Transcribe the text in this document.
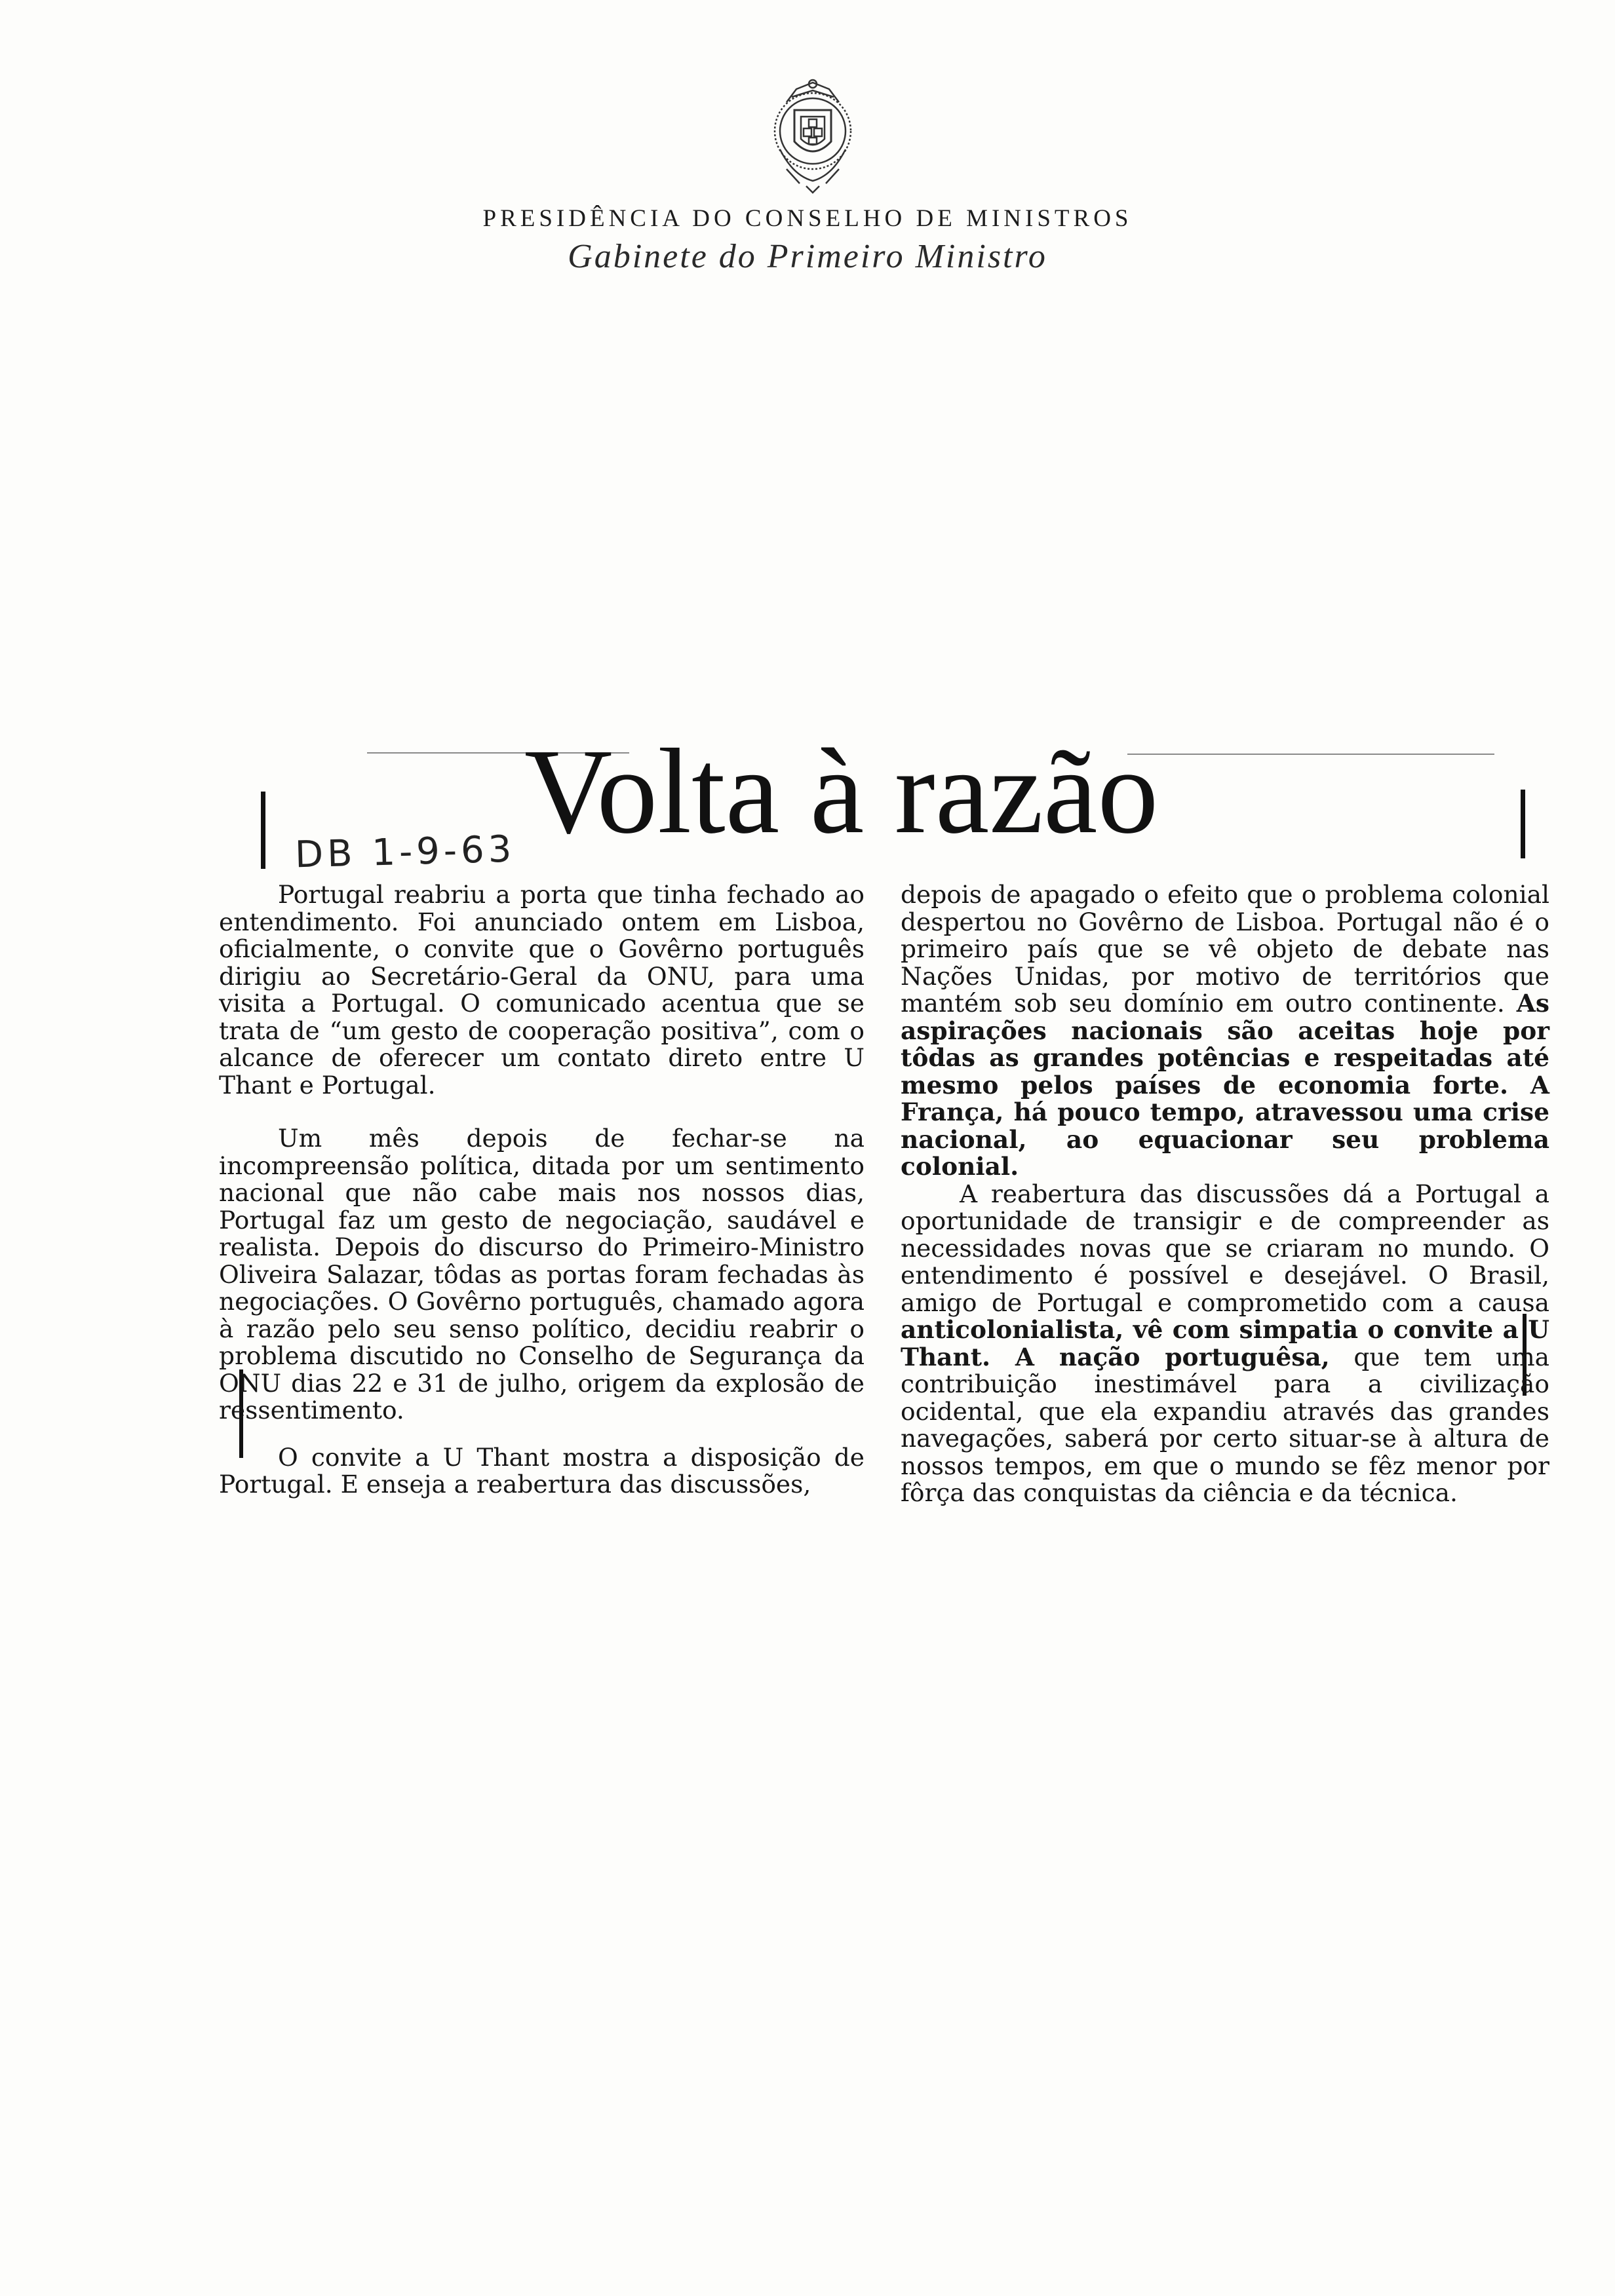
PRESIDÊNCIA DO CONSELHO DE MINISTROS
Gabinete do Primeiro Ministro
Volta à razão
DB 1-9-63

Portugal reabriu a porta que tinha fechado ao entendimento. Foi anunciado ontem em Lisboa, oficialmente, o convite que o Govêrno português dirigiu ao Secretário-Geral da ONU, para uma visita a Portugal. O comunicado acentua que se trata de “um gesto de cooperação positiva”, com o alcance de oferecer um contato direto entre U Thant e Portugal.

Um mês depois de fechar-se na incompreensão política, ditada por um sentimento nacional que não cabe mais nos nossos dias, Portugal faz um gesto de negociação, saudável e realista. Depois do discurso do Primeiro-Ministro Oliveira Salazar, tôdas as portas foram fechadas às negociações. O Govêrno português, chamado agora à razão pelo seu senso político, decidiu reabrir o problema discutido no Conselho de Segurança da ONU dias 22 e 31 de julho, origem da explosão de ressentimento.

O convite a U Thant mostra a disposição de Portugal. E enseja a reabertura das discussões,

depois de apagado o efeito que o problema colonial despertou no Govêrno de Lisboa. Portugal não é o primeiro país que se vê objeto de debate nas Nações Unidas, por motivo de territórios que mantém sob seu domínio em outro continente. As aspirações nacionais são aceitas hoje por tôdas as grandes potências e respeitadas até mesmo pelos países de economia forte. A França, há pouco tempo, atravessou uma crise nacional, ao equacionar seu problema colonial.

A reabertura das discussões dá a Portugal a oportunidade de transigir e de compreender as necessidades novas que se criaram no mundo. O entendimento é possível e desejável. O Brasil, amigo de Portugal e comprometido com a causa anticolonialista, vê com simpatia o convite a U Thant. A nação portuguêsa, que tem uma contribuição inestimável para a civilização ocidental, que ela expandiu através das grandes navegações, saberá por certo situar-se à altura de nossos tempos, em que o mundo se fêz menor por fôrça das conquistas da ciência e da técnica.
